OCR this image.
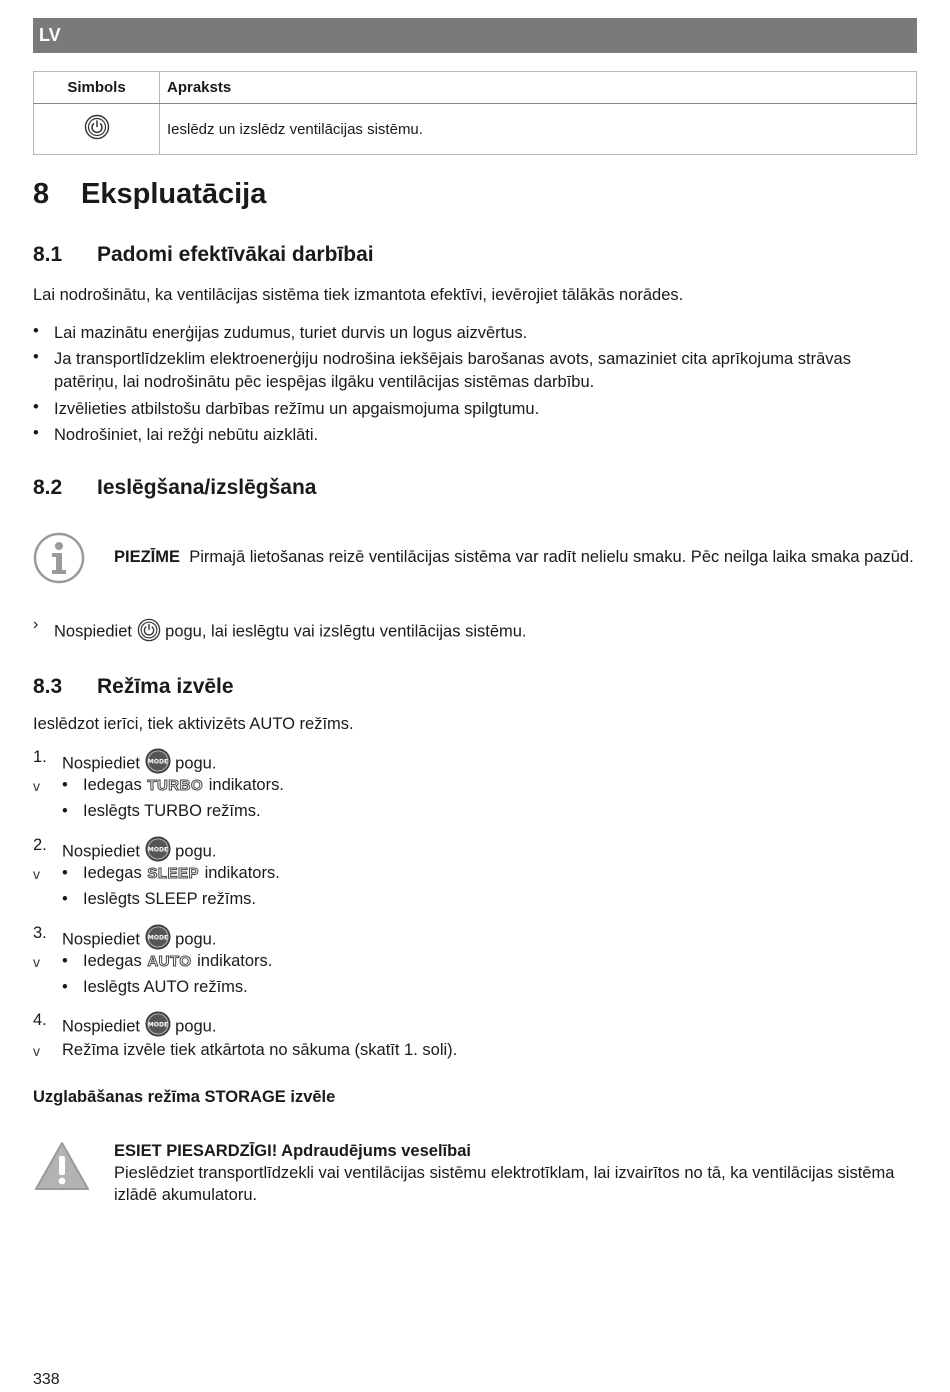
LV
Simbols	Apraksts
	Ieslēdz un izslēdz ventilācijas sistēmu.
8 Ekspluatācija
8.1 Padomi efektīvākai darbībai
Lai nodrošinātu, ka ventilācijas sistēma tiek izmantota efektīvi, ievērojiet tālākās norādes.
• Lai mazinātu enerģijas zudumus, turiet durvis un logus aizvērtus.
• Ja transportlīdzeklim elektroenerģiju nodrošina iekšējais barošanas avots, samaziniet cita aprīkojuma strāvas patēriņu, lai nodrošinātu pēc iespējas ilgāku ventilācijas sistēmas darbību.
• Izvēlieties atbilstošu darbības režīmu un apgaismojuma spilgtumu.
• Nodrošiniet, lai režģi nebūtu aizklāti.
8.2 Ieslēgšana/izslēgšana
PIEZĪME Pirmajā lietošanas reizē ventilācijas sistēma var radīt nelielu smaku. Pēc neilga laika smaka pazūd.
› Nospiediet pogu, lai ieslēgtu vai izslēgtu ventilācijas sistēmu.
8.3 Režīma izvēle
Ieslēdzot ierīci, tiek aktivizēts AUTO režīms.
1. Nospiediet MODE pogu.
v • Iedegas TURBO indikators.
• Ieslēgts TURBO režīms.
2. Nospiediet MODE pogu.
v • Iedegas SLEEP indikators.
• Ieslēgts SLEEP režīms.
3. Nospiediet MODE pogu.
v • Iedegas AUTO indikators.
• Ieslēgts AUTO režīms.
4. Nospiediet MODE pogu.
v Režīma izvēle tiek atkārtota no sākuma (skatīt 1. soli).
Uzglabāšanas režīma STORAGE izvēle
ESIET PIESARDZĪGI! Apdraudējums veselībai
Pieslēdziet transportlīdzekli vai ventilācijas sistēmu elektrotīklam, lai izvairītos no tā, ka ventilācijas sistēma izlādē akumulatoru.
338
